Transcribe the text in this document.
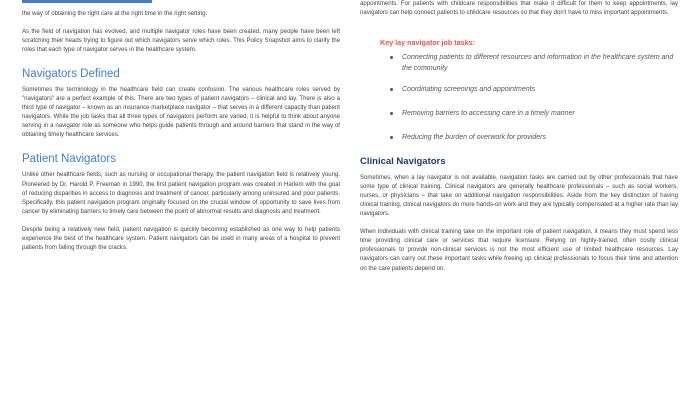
the way of obtaining the right care at the right time in the right setting.

As the field of navigation has evolved, and multiple navigator roles have been created, many people have been left scratching their heads trying to figure out which navigators serve which roles. This Policy Snapshot aims to clarify the roles that each type of navigator serves in the healthcare system.

Navigators Defined

Sometimes the terminology in the healthcare field can create confusion. The various healthcare roles served by "navigators" are a perfect example of this. There are two types of patient navigators – clinical and lay. There is also a third type of navigator – known as an insurance marketplace navigator – that serves in a different capacity than patient navigators. While the job tasks that all three types of navigators perform are varied, it is helpful to think about anyone serving in a navigator role as someone who helps guide patients through and around barriers that stand in the way of obtaining timely healthcare services.

Patient Navigators

Unlike other healthcare fields, such as nursing or occupational therapy, the patient navigation field is relatively young. Pioneered by Dr. Harold P. Freeman in 1990, the first patient navigation program was created in Harlem with the goal of reducing disparities in access to diagnosis and treatment of cancer, particularly among uninsured and poor patients. Specifically, this patient navigation program originally focused on the crucial window of opportunity to save lives from cancer by eliminating barriers to timely care between the point of abnormal results and diagnosis and treatment.

Despite being a relatively new field, patient navigation is quickly becoming established as one way to help patients experience the best of the healthcare system. Patient navigators can be used in many areas of a hospital to prevent patients from falling through the cracks.

appointments. For patients with childcare responsibilities that make it difficult for them to keep appointments, lay navigators can help connect patients to childcare resources so that they don't have to miss important appointments.

Key lay navigator job tasks:
Connecting patients to different resources and information in the healthcare system and the community
Coordinating screenings and appointments
Removing barriers to accessing care in a timely manner
Reducing the burden of overwork for providers
Clinical Navigators

Sometimes, when a lay navigator is not available, navigation tasks are carried out by other professionals that have some type of clinical training. Clinical navigators are generally healthcare professionals – such as social workers, nurses, or physicians – that take on additional navigation responsibilities. Aside from the key distinction of having clinical training, clinical navigators do more hands-on work and they are typically compensated at a higher rate than lay navigators.

When individuals with clinical training take on the important role of patient navigation, it means they must spend less time providing clinical care or services that require licensure. Relying on highly-trained, often costly clinical professionals to provide non-clinical services is not the most efficient use of limited healthcare resources. Lay navigators can carry out these important tasks while freeing up clinical professionals to focus their time and attention on the care patients depend on.
